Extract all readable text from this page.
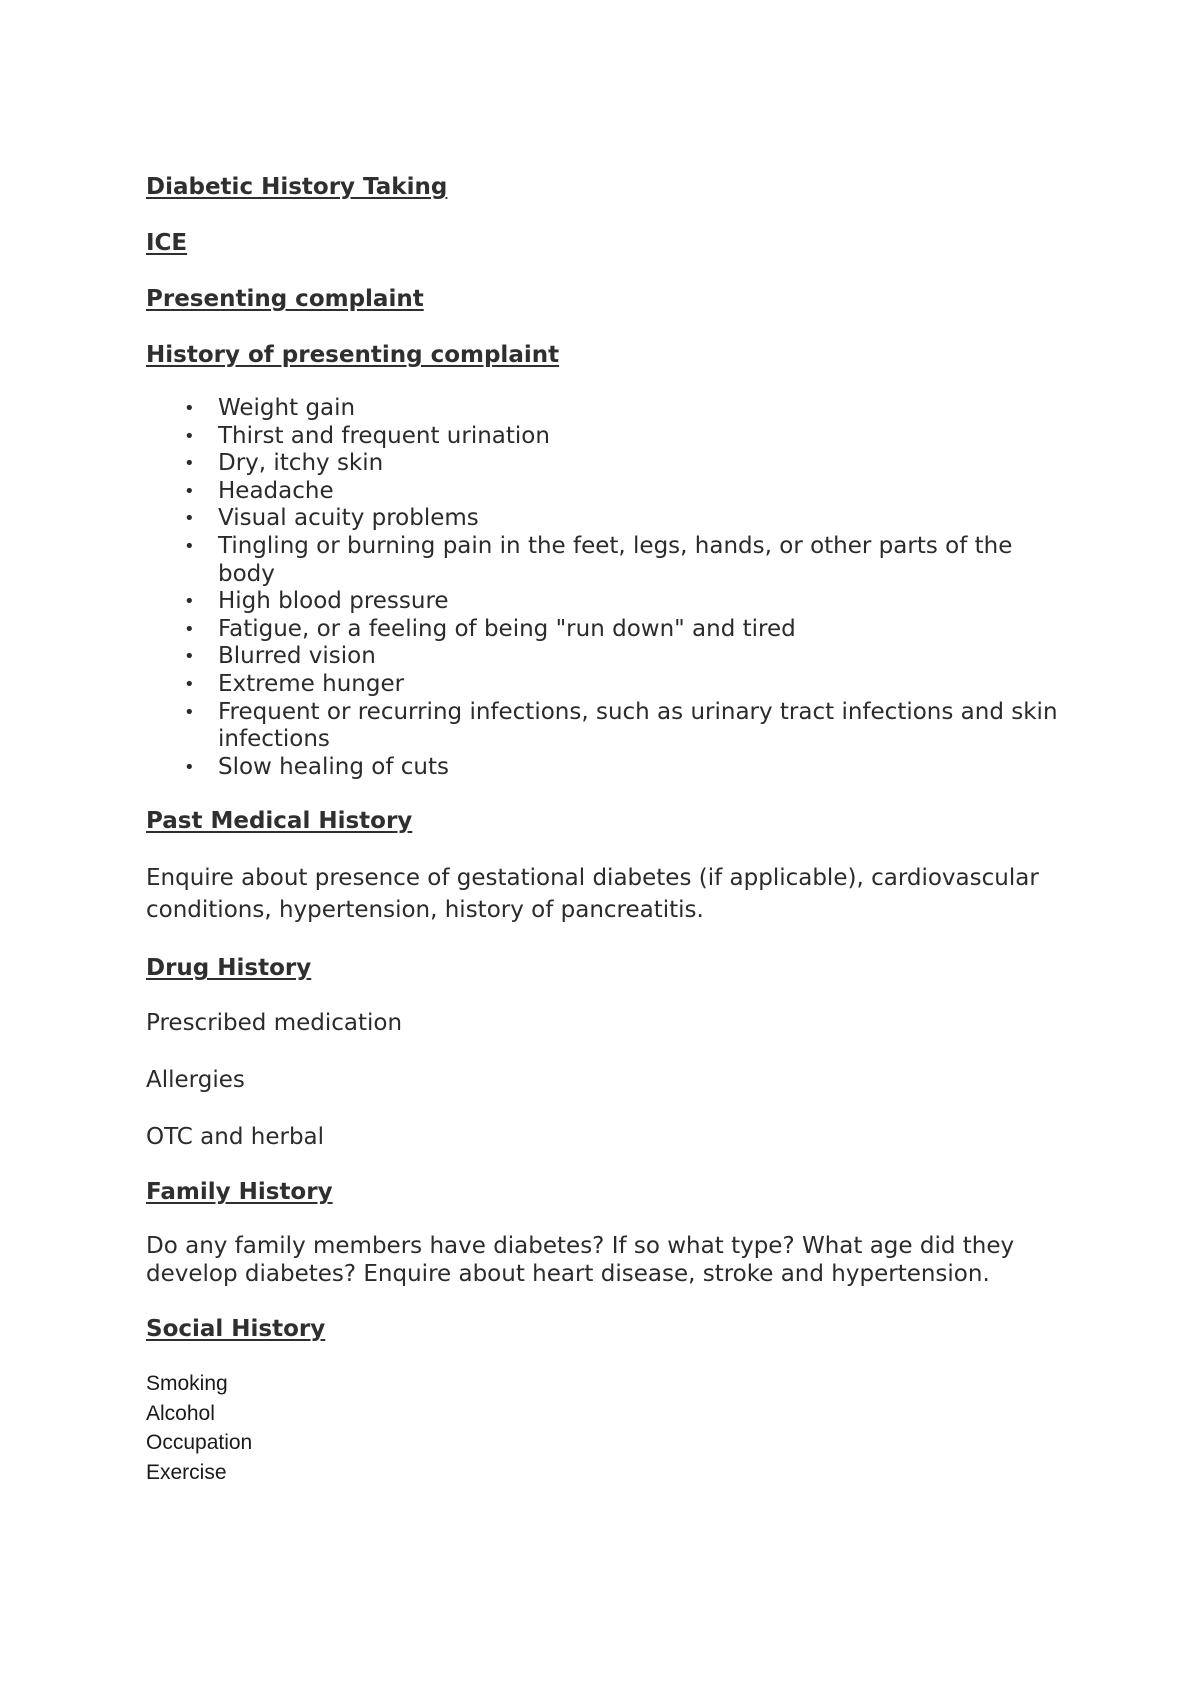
Diabetic History Taking
ICE
Presenting complaint
History of presenting complaint
• Weight gain
• Thirst and frequent urination
• Dry, itchy skin
• Headache
• Visual acuity problems
• Tingling or burning pain in the feet, legs, hands, or other parts of the body
• High blood pressure
• Fatigue, or a feeling of being "run down" and tired
• Blurred vision
• Extreme hunger
• Frequent or recurring infections, such as urinary tract infections and skin infections
• Slow healing of cuts
Past Medical History

Enquire about presence of gestational diabetes (if applicable), cardiovascular conditions, hypertension, history of pancreatitis.

Drug History

Prescribed medication

Allergies

OTC and herbal

Family History

Do any family members have diabetes? If so what type? What age did they develop diabetes? Enquire about heart disease, stroke and hypertension.

Social History

Smoking

Alcohol

Occupation

Exercise
